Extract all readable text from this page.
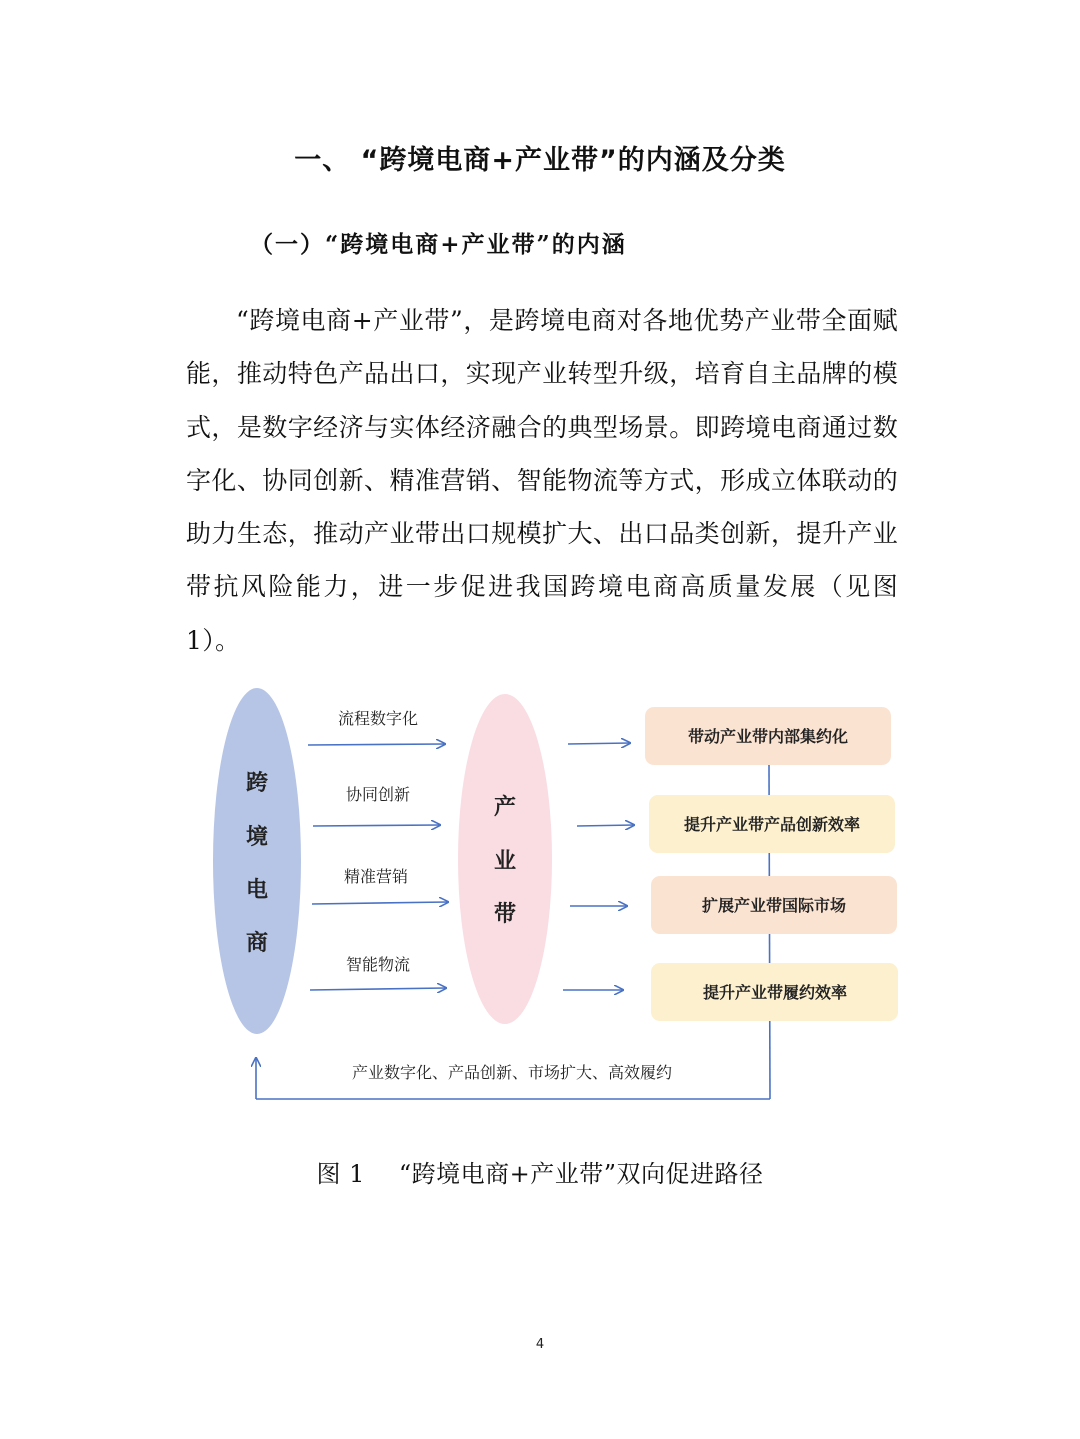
一、 “跨境电商+产业带”的内涵及分类
（一）“跨境电商+产业带”的内涵

“跨境电商+产业带”，是跨境电商对各地优势产业带全面赋能，推动特色产品出口，实现产业转型升级，培育自主品牌的模式，是数字经济与实体经济融合的典型场景。即跨境电商通过数字化、协同创新、精准营销、智能物流等方式，形成立体联动的助力生态，推动产业带出口规模扩大、出口品类创新，提升产业带抗风险能力，进一步促进我国跨境电商高质量发展（见图 1）。

跨
境
电
商
产
业
带
流程数字化
协同创新
精准营销
智能物流
带动产业带内部集约化
提升产业带产品创新效率
扩展产业带国际市场
提升产业带履约效率
产业数字化、产品创新、市场扩大、高效履约
图 1 “跨境电商+产业带”双向促进路径
4
